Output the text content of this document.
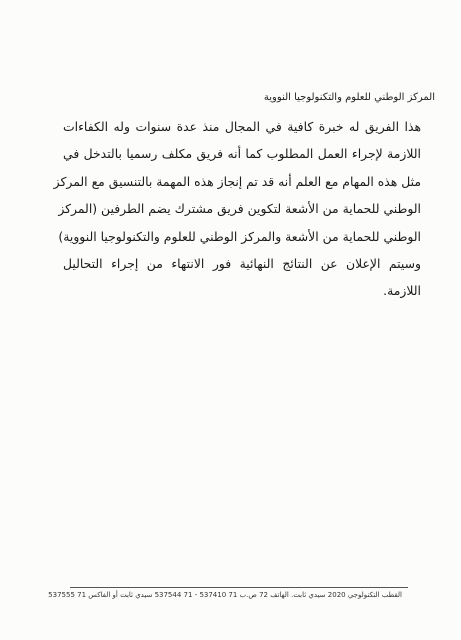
المركز الوطني للعلوم والتكنولوجيا النووية
هذا الفريق له خبرة كافية في المجال منذ عدة سنوات وله الكفاءات
اللازمة لإجراء العمل المطلوب كما أنه فريق مكلف رسميا بالتدخل في
مثل هذه المهام مع العلم أنه قد تم إنجاز هذه المهمة بالتنسيق مع المركز
الوطني للحماية من الأشعة لتكوين فريق مشترك يضم الطرفين (المركز
الوطني للحماية من الأشعة والمركز الوطني للعلوم والتكنولوجيا النووية)
وسيتم الإعلان عن النتائج النهائية فور الانتهاء من إجراء التحاليل
اللازمة.
القطب التكنولوجي 2020 سيدي ثابت. الهاتف 72 ص.ب 71 537410 - 71 537544 سيدي ثابت أو الفاكس 71 537555
